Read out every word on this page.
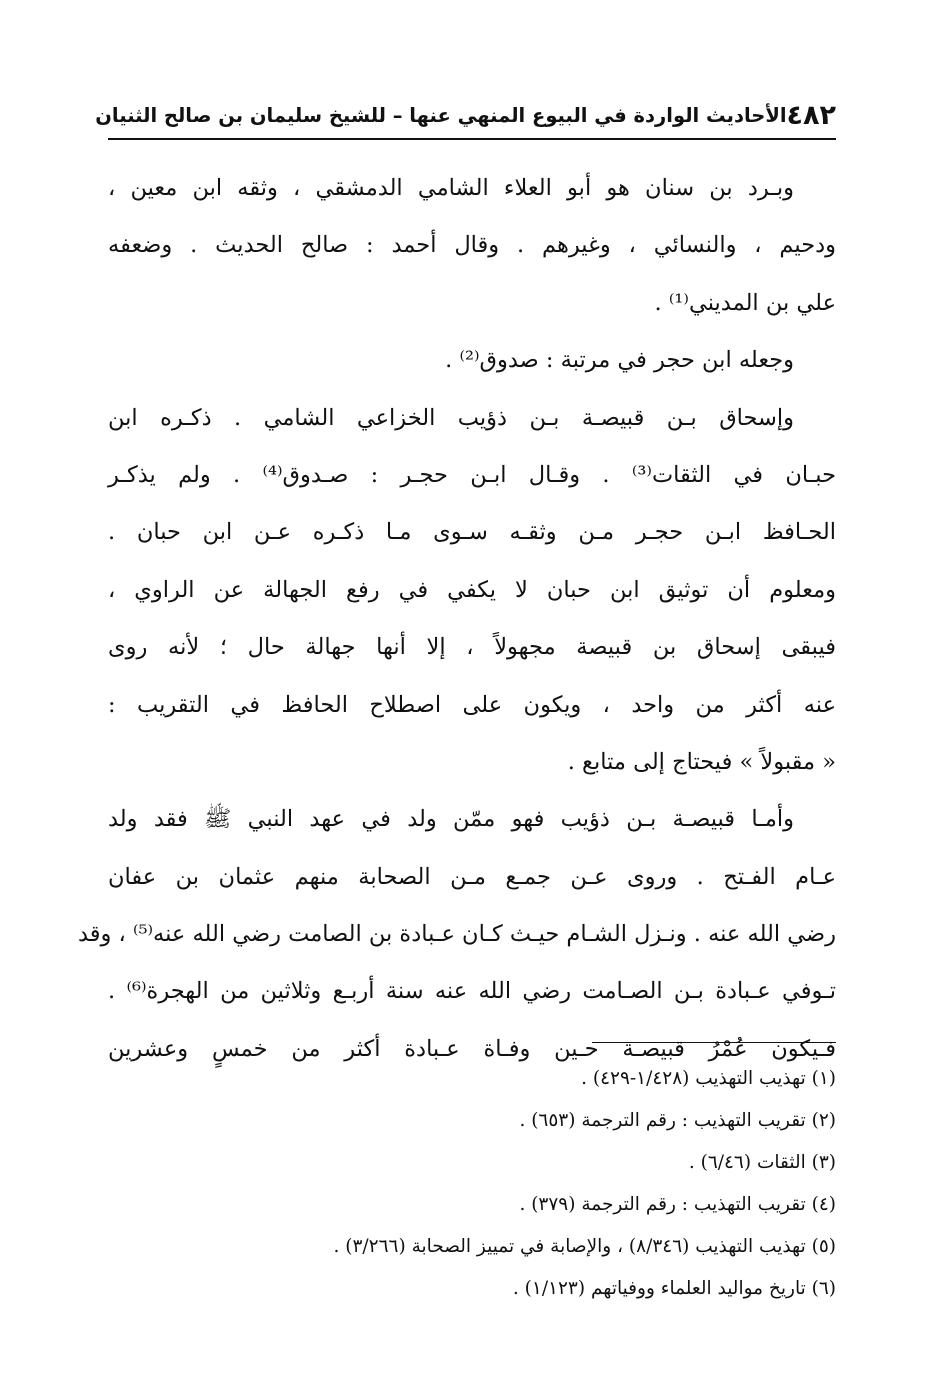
٤٨٢
الأحاديث الواردة في البيوع المنهي عنها – للشيخ سليمان بن صالح الثنيان
وبـرد بن سنان هو أبو العلاء الشامي الدمشقي ، وثقه ابن معين ،
ودحيم ، والنسائي ، وغيرهم . وقال أحمد : صالح الحديث . وضعفه
علي بن المديني⁽¹⁾ .
وجعله ابن حجر في مرتبة : صدوق⁽²⁾ .
وإسحاق بـن قبيصـة بـن ذؤيب الخزاعي الشامي . ذكـره ابن
حبـان في الثقات⁽³⁾ . وقـال ابـن حجـر : صـدوق⁽⁴⁾ . ولم يذكـر
الحـافظ ابـن حجـر مـن وثقـه سـوى مـا ذكـره عـن ابن حبان .
ومعلوم أن توثيق ابن حبان لا يكفي في رفع الجهالة عن الراوي ،
فيبقى إسحاق بن قبيصة مجهولاً ، إلا أنها جهالة حال ؛ لأنه روى
عنه أكثر من واحد ، ويكون على اصطلاح الحافظ في التقريب :
« مقبولاً » فيحتاج إلى متابع .
وأمـا قبيصـة بـن ذؤيب فهو ممّن ولد في عهد النبي ﷺ فقد ولد
عـام الفـتح . وروى عـن جمـع مـن الصحابة منهم عثمان بن عفان
رضي الله عنه . ونـزل الشـام حيـث كـان عـبادة بن الصامت رضي الله عنه⁽⁵⁾ ، وقد
تـوفي عـبادة بـن الصـامت رضي الله عنه سنة أربـع وثلاثين من الهجرة⁽⁶⁾ .
فـيكون عُمْرُ قبيصـة حـين وفـاة عـبادة أكثر من خمسٍ وعشرين
(١) تهذيب التهذيب (١/٤٢٨-٤٢٩) .
(٢) تقريب التهذيب : رقم الترجمة (٦٥٣) .
(٣) الثقات (٦/٤٦) .
(٤) تقريب التهذيب : رقم الترجمة (٣٧٩) .
(٥) تهذيب التهذيب (٨/٣٤٦) ، والإصابة في تمييز الصحابة (٣/٢٦٦) .
(٦) تاريخ مواليد العلماء ووفياتهم (١/١٢٣) .
